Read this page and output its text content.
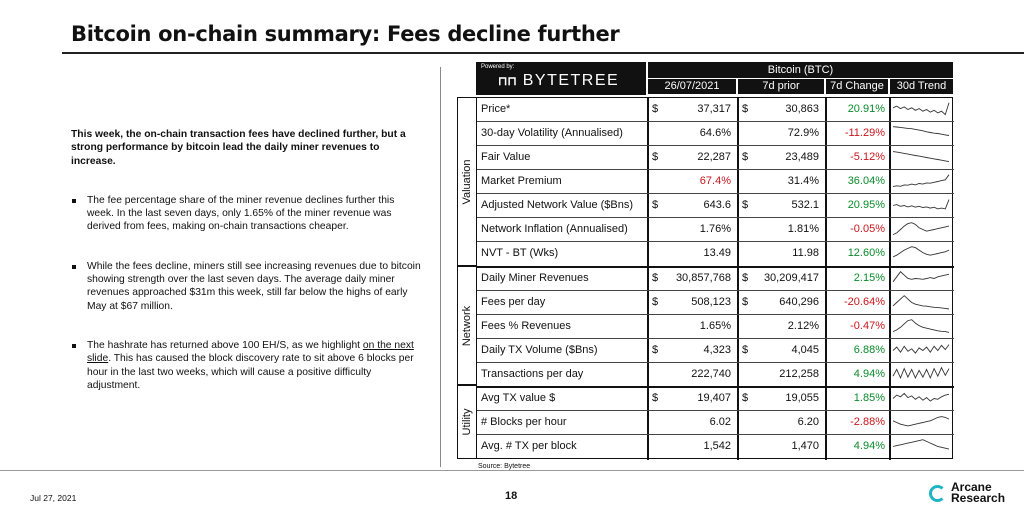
Bitcoin on-chain summary: Fees decline further

This week, the on-chain transaction fees have declined further, but a strong performance by bitcoin lead the daily miner revenues to increase.

The fee percentage share of the miner revenue declines further this week. In the last seven days, only 1.65% of the miner revenue was derived from fees, making on-chain transactions cheaper.
While the fees decline, miners still see increasing revenues due to bitcoin showing strength over the last seven days. The average daily miner revenues approached $31m this week, still far below the highs of early May at $67 million.
The hashrate has returned above 100 EH/S, as we highlight on the next slide. This has caused the block discovery rate to sit above 6 blocks per hour in the last two weeks, which will cause a positive difficulty adjustment.
Powered by:
⊓⊓ BYTETREE
Bitcoin (BTC)
26/07/2021	7d prior	7d Change	30d Trend
Valuation
Network
Utility
Price*	$	37,317 $	30,863	20.91%
30-day Volatility (Annualised)	64.6%	72.9% -11.29%
Fair Value	$	22,287 $	23,489	-5.12%
Market Premium	67.4%	31.4%	36.04%
Adjusted Network Value ($Bns) $	643.6 $	532.1	20.95%
Network Inflation (Annualised)	1.76%	1.81%	-0.05%
NVT - BT (Wks)	13.49	11.98	12.60%
Daily Miner Revenues	$ 30,857,768 $ 30,209,417	2.15%
Fees per day	$	508,123 $	640,296 -20.64%
Fees % Revenues	1.65%	2.12%	-0.47%
Daily TX Volume ($Bns)	$	4,323 $	4,045	6.88%
Transactions per day	222,740	212,258	4.94%
Avg TX value $	$	19,407 $	19,055	1.85%
# Blocks per hour	6.02	6.20	-2.88%
Avg. # TX per block	1,542	1,470	4.94%
Source: Bytetree
Jul 27, 2021	18
Arcane
Research
